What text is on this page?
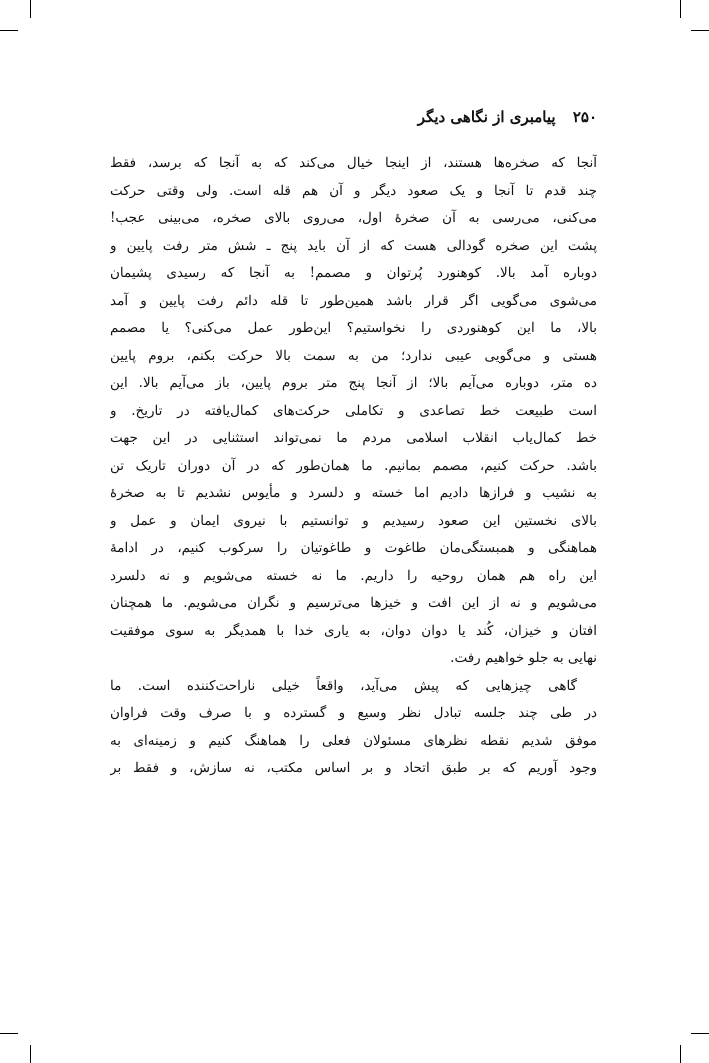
۲۵۰ پیامبری از نگاهی دیگر
آنجا که صخره‌ها هستند، از اینجا خیال می‌کند که به آنجا که برسد، فقط
چند قدم تا آنجا و یک صعود دیگر و آن هم قله است. ولی وقتی حرکت
می‌کنی، می‌رسی به آن صخرهٔ اول، می‌روی بالای صخره، می‌بینی عجب!
پشت این صخره گودالی هست که از آن باید پنج ـ شش متر رفت پایین و
دوباره آمد بالا. کوهنورد پُرتوان و مصمم! به آنجا که رسیدی پشیمان
می‌شوی می‌گویی اگر قرار باشد همین‌طور تا قله دائم رفت پایین و آمد
بالا، ما این کوهنوردی را نخواستیم؟ این‌طور عمل می‌کنی؟ یا مصمم
هستی و می‌گویی عیبی ندارد؛ من به سمت بالا حرکت بکنم، بروم پایین
ده متر، دوباره می‌آیم بالا؛ از آنجا پنج متر بروم پایین، باز می‌آیم بالا. این
است طبیعت خط تصاعدی و تکاملی حرکت‌های کمال‌یافته در تاریخ. و
خط کمال‌یاب انقلاب اسلامی مردم ما نمی‌تواند استثنایی در این جهت
باشد. حرکت کنیم، مصمم بمانیم. ما همان‌طور که در آن دوران تاریک تن
به نشیب و فرازها دادیم اما خسته و دلسرد و مأیوس نشدیم تا به صخرهٔ
بالای نخستین این صعود رسیدیم و توانستیم با نیروی ایمان و عمل و
هماهنگی و همبستگی‌مان طاغوت و طاغوتیان را سرکوب کنیم، در ادامهٔ
این راه هم همان روحیه را داریم. ما نه خسته می‌شویم و نه دلسرد
می‌شویم و نه از این افت و خیزها می‌ترسیم و نگران می‌شویم. ما همچنان
افتان و خیزان، کُند یا دوان دوان، به یاری خدا با همدیگر به سوی موفقیت
نهایی به جلو خواهیم رفت.
گاهی چیزهایی که پیش می‌آید، واقعاً خیلی ناراحت‌کننده است. ما
در طی چند جلسه تبادل نظر وسیع و گسترده و با صرف وقت فراوان
موفق شدیم نقطه نظرهای مسئولان فعلی را هماهنگ کنیم و زمینه‌ای به
وجود آوریم که بر طبق اتحاد و بر اساس مکتب، نه سازش، و فقط بر
